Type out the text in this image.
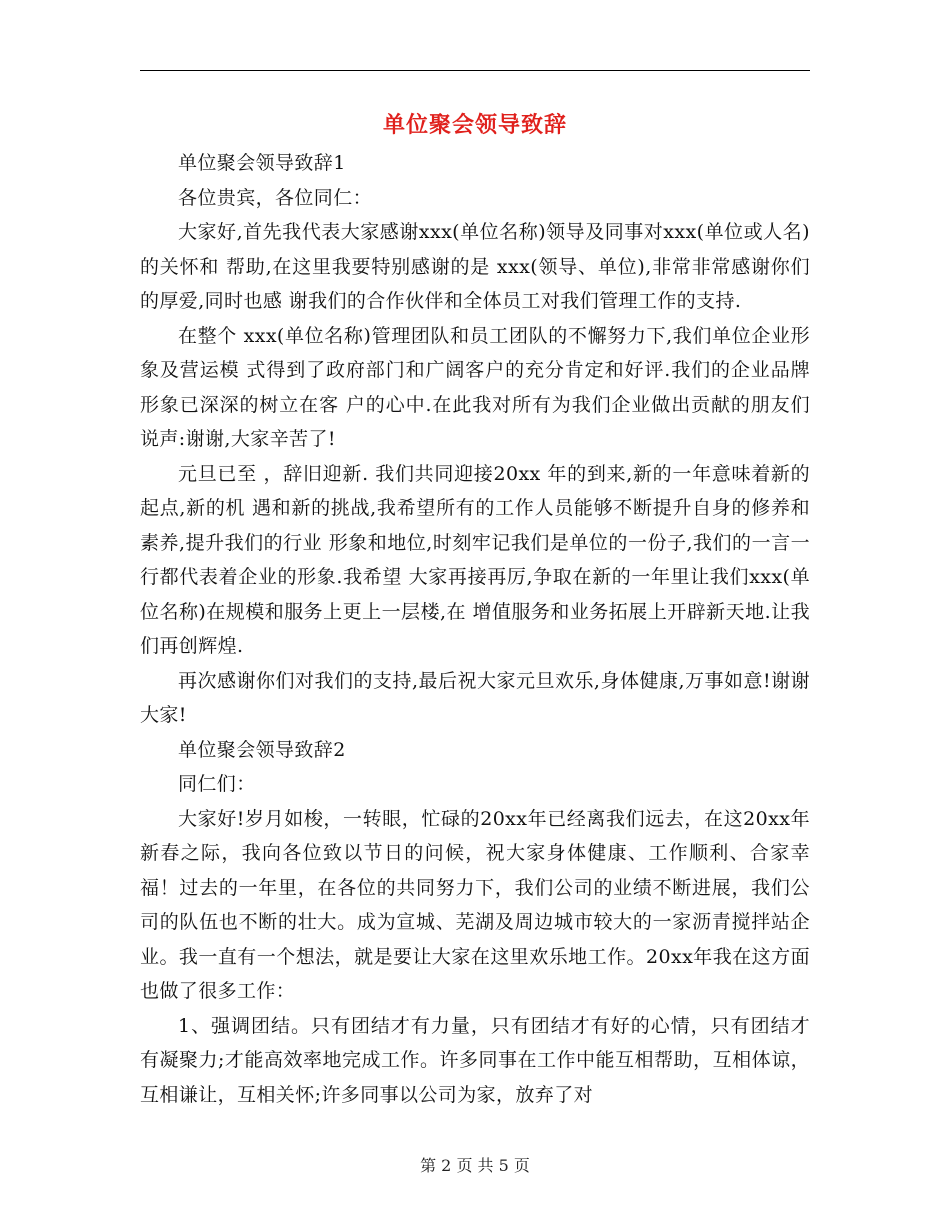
单位聚会领导致辞

单位聚会领导致辞1

各位贵宾，各位同仁：

大家好,首先我代表大家感谢xxx(单位名称)领导及同事对xxx(单位或人名)的关怀和 帮助,在这里我要特别感谢的是 xxx(领导、单位),非常非常感谢你们的厚爱,同时也感 谢我们的合作伙伴和全体员工对我们管理工作的支持.

在整个 xxx(单位名称)管理团队和员工团队的不懈努力下,我们单位企业形象及营运模 式得到了政府部门和广阔客户的充分肯定和好评.我们的企业品牌形象已深深的树立在客 户的心中.在此我对所有为我们企业做出贡献的朋友们说声:谢谢,大家辛苦了!

元旦已至 ，辞旧迎新. 我们共同迎接20xx 年的到来,新的一年意味着新的起点,新的机 遇和新的挑战,我希望所有的工作人员能够不断提升自身的修养和素养,提升我们的行业 形象和地位,时刻牢记我们是单位的一份子,我们的一言一行都代表着企业的形象.我希望 大家再接再厉,争取在新的一年里让我们xxx(单位名称)在规模和服务上更上一层楼,在 增值服务和业务拓展上开辟新天地.让我们再创辉煌.

再次感谢你们对我们的支持,最后祝大家元旦欢乐,身体健康,万事如意!谢谢大家!

单位聚会领导致辞2

同仁们：

大家好!岁月如梭，一转眼，忙碌的20xx年已经离我们远去，在这20xx年新春之际，我向各位致以节日的问候，祝大家身体健康、工作顺利、合家幸福！过去的一年里，在各位的共同努力下，我们公司的业绩不断进展，我们公司的队伍也不断的壮大。成为宣城、芜湖及周边城市较大的一家沥青搅拌站企业。我一直有一个想法，就是要让大家在这里欢乐地工作。20xx年我在这方面也做了很多工作：

1、强调团结。只有团结才有力量，只有团结才有好的心情，只有团结才有凝聚力;才能高效率地完成工作。许多同事在工作中能互相帮助，互相体谅，互相谦让，互相关怀;许多同事以公司为家，放弃了对

第 2 页 共 5 页
